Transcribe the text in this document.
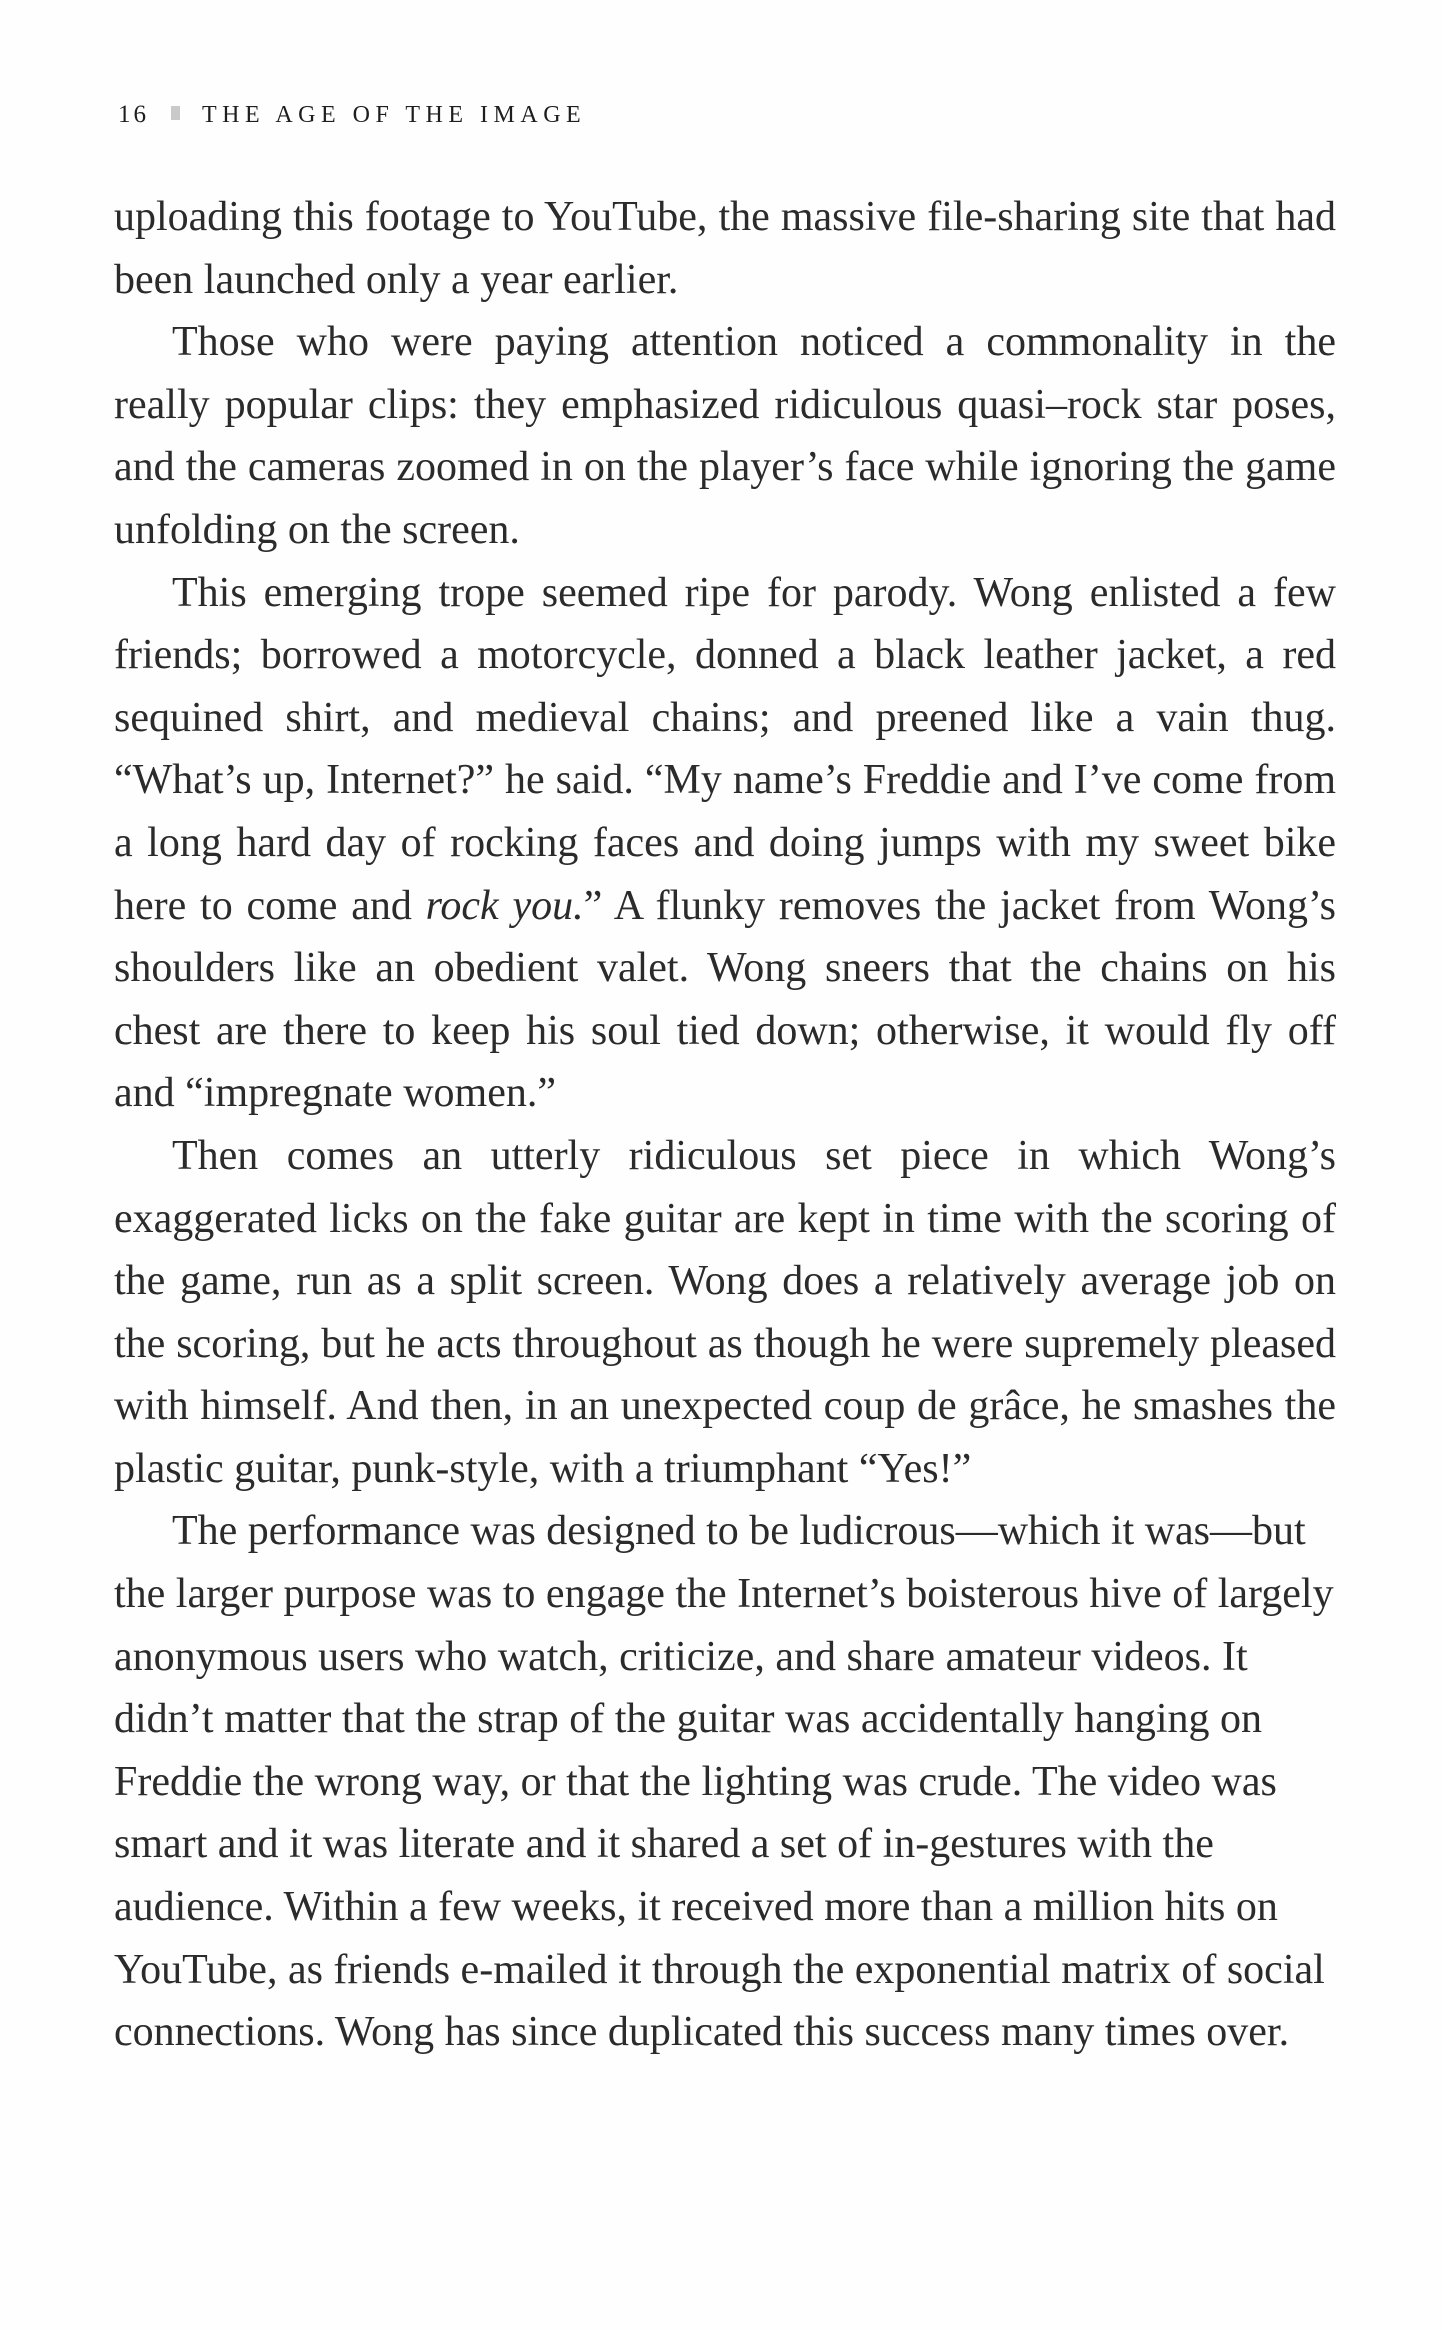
16 THE AGE OF THE IMAGE

uploading this footage to YouTube, the massive file-sharing site that had been launched only a year earlier.

Those who were paying attention noticed a commonality in the really popular clips: they emphasized ridiculous quasi–rock star poses, and the cameras zoomed in on the player’s face while ignoring the game unfolding on the screen.

This emerging trope seemed ripe for parody. Wong enlisted a few friends; borrowed a motorcycle, donned a black leather jacket, a red sequined shirt, and medieval chains; and preened like a vain thug. “What’s up, Internet?” he said. “My name’s Freddie and I’ve come from a long hard day of rocking faces and doing jumps with my sweet bike here to come and rock you.” A flunky removes the jacket from Wong’s shoulders like an obedient valet. Wong sneers that the chains on his chest are there to keep his soul tied down; otherwise, it would fly off and “impregnate women.”

Then comes an utterly ridiculous set piece in which Wong’s exaggerated licks on the fake guitar are kept in time with the scoring of the game, run as a split screen. Wong does a relatively average job on the scoring, but he acts throughout as though he were supremely pleased with himself. And then, in an unexpected coup de grâce, he smashes the plastic guitar, punk-style, with a triumphant “Yes!”

The performance was designed to be ludicrous—which it was—but the larger purpose was to engage the Internet’s boisterous hive of largely anonymous users who watch, criticize, and share amateur videos. It didn’t matter that the strap of the guitar was accidentally hanging on Freddie the wrong way, or that the lighting was crude. The video was smart and it was literate and it shared a set of in-gestures with the audience. Within a few weeks, it received more than a million hits on YouTube, as friends e-mailed it through the exponential matrix of social connections. Wong has since duplicated this success many times over.
